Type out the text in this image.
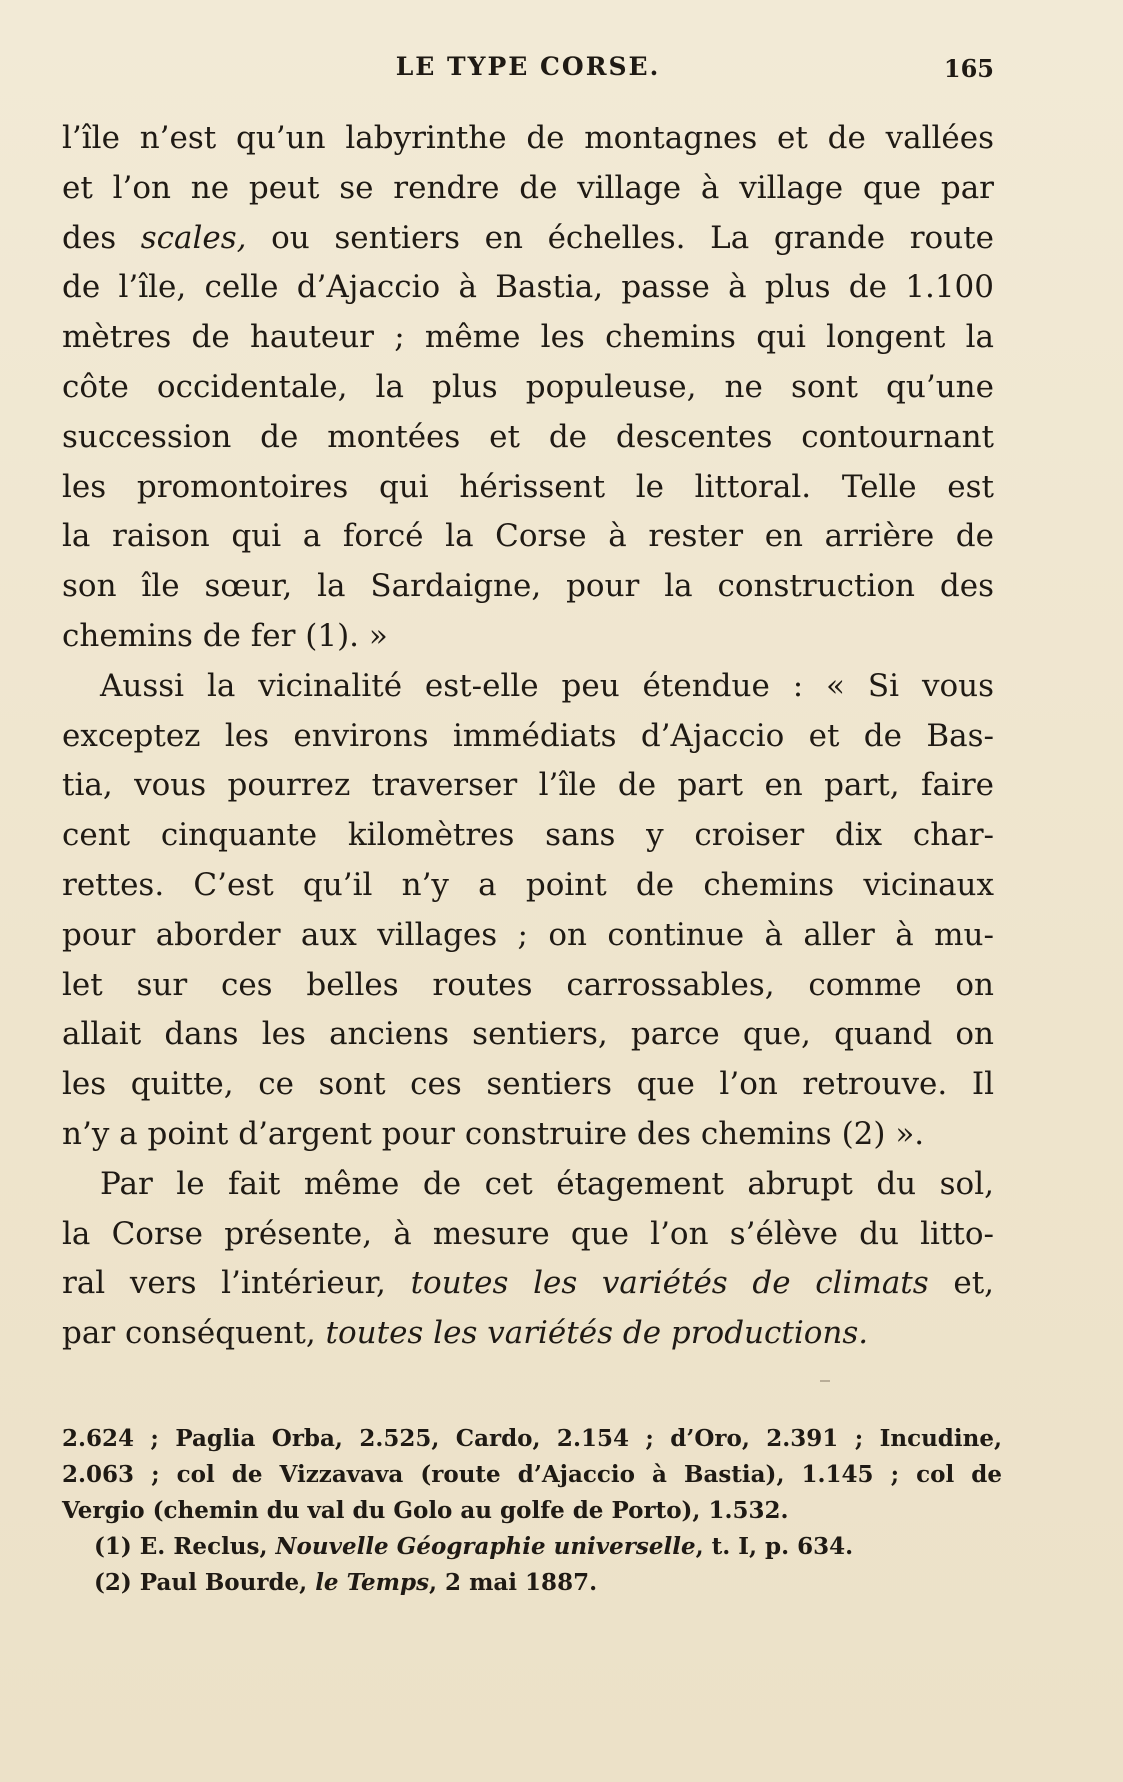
LE TYPE CORSE.	165
l’île n’est qu’un labyrinthe de montagnes et de vallées
et l’on ne peut se rendre de village à village que par
des scales, ou sentiers en échelles. La grande route
de l’île, celle d’Ajaccio à Bastia, passe à plus de 1.100
mètres de hauteur ; même les chemins qui longent la
côte occidentale, la plus populeuse, ne sont qu’une
succession de montées et de descentes contournant
les promontoires qui hérissent le littoral. Telle est
la raison qui a forcé la Corse à rester en arrière de
son île sœur, la Sardaigne, pour la construction des
chemins de fer (1). »
Aussi la vicinalité est-elle peu étendue : « Si vous
exceptez les environs immédiats d’Ajaccio et de Bas-
tia, vous pourrez traverser l’île de part en part, faire
cent cinquante kilomètres sans y croiser dix char-
rettes. C’est qu’il n’y a point de chemins vicinaux
pour aborder aux villages ; on continue à aller à mu-
let sur ces belles routes carrossables, comme on
allait dans les anciens sentiers, parce que, quand on
les quitte, ce sont ces sentiers que l’on retrouve. Il
n’y a point d’argent pour construire des chemins (2) ».
Par le fait même de cet étagement abrupt du sol,
la Corse présente, à mesure que l’on s’élève du litto-
ral vers l’intérieur, toutes les variétés de climats et,
par conséquent, toutes les variétés de productions.
2.624 ; Paglia Orba, 2.525, Cardo, 2.154 ; d’Oro, 2.391 ; Incudine,
2.063 ; col de Vizzavava (route d’Ajaccio à Bastia), 1.145 ; col de
Vergio (chemin du val du Golo au golfe de Porto), 1.532.
(1) E. Reclus, Nouvelle Géographie universelle, t. I, p. 634.
(2) Paul Bourde, le Temps, 2 mai 1887.
